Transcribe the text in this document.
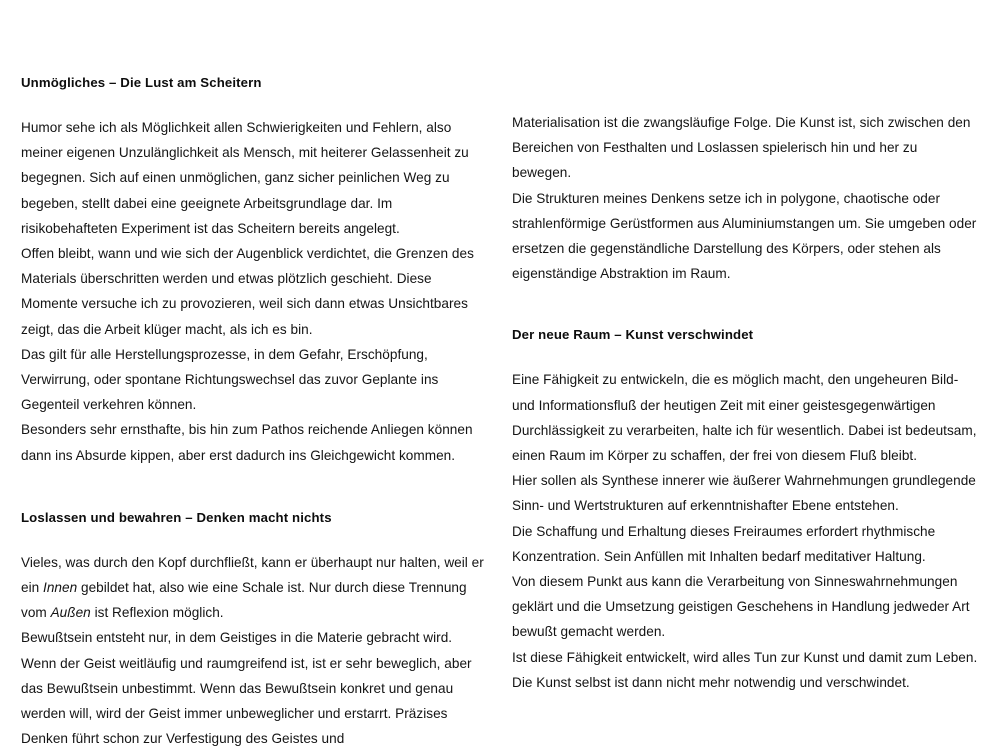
Unmögliches – Die Lust am Scheitern

Humor sehe ich als Möglichkeit allen Schwierigkeiten und Fehlern, also meiner eigenen Unzulänglichkeit als Mensch, mit heiterer Gelassenheit zu begegnen. Sich auf einen unmöglichen, ganz sicher peinlichen Weg zu begeben, stellt dabei eine geeignete Arbeitsgrundlage dar. Im risikobehafteten Experiment ist das Scheitern bereits angelegt.

Offen bleibt, wann und wie sich der Augenblick verdichtet, die Grenzen des Materials überschritten werden und etwas plötzlich geschieht. Diese Momente versuche ich zu provozieren, weil sich dann etwas Unsichtbares zeigt, das die Arbeit klüger macht, als ich es bin.

Das gilt für alle Herstellungsprozesse, in dem Gefahr, Erschöpfung, Verwirrung, oder spontane Richtungswechsel das zuvor Geplante ins Gegenteil verkehren können.

Besonders sehr ernsthafte, bis hin zum Pathos reichende Anliegen können dann ins Absurde kippen, aber erst dadurch ins Gleichgewicht kommen.

Loslassen und bewahren – Denken macht nichts

Vieles, was durch den Kopf durchfließt, kann er überhaupt nur halten, weil er ein Innen gebildet hat, also wie eine Schale ist. Nur durch diese Trennung vom Außen ist Reflexion möglich.

Bewußtsein entsteht nur, in dem Geistiges in die Materie gebracht wird. Wenn der Geist weitläufig und raumgreifend ist, ist er sehr beweglich, aber das Bewußtsein unbestimmt. Wenn das Bewußtsein konkret und genau werden will, wird der Geist immer unbeweglicher und erstarrt. Präzises Denken führt schon zur Verfestigung des Geistes und

Materialisation ist die zwangsläufige Folge. Die Kunst ist, sich zwischen den Bereichen von Festhalten und Loslassen spielerisch hin und her zu bewegen.

Die Strukturen meines Denkens setze ich in polygone, chaotische oder strahlenförmige Gerüstformen aus Aluminiumstangen um. Sie umgeben oder ersetzen die gegenständliche Darstellung des Körpers, oder stehen als eigenständige Abstraktion im Raum.

Der neue Raum – Kunst verschwindet

Eine Fähigkeit zu entwickeln, die es möglich macht, den ungeheuren Bild- und Informationsfluß der heutigen Zeit mit einer geistesgegenwärtigen Durchlässigkeit zu verarbeiten, halte ich für wesentlich. Dabei ist bedeutsam, einen Raum im Körper zu schaffen, der frei von diesem Fluß bleibt.

Hier sollen als Synthese innerer wie äußerer Wahrnehmungen grundlegende Sinn- und Wertstrukturen auf erkenntnishafter Ebene entstehen.

Die Schaffung und Erhaltung dieses Freiraumes erfordert rhythmische Konzentration. Sein Anfüllen mit Inhalten bedarf meditativer Haltung.

Von diesem Punkt aus kann die Verarbeitung von Sinneswahrnehmungen geklärt und die Umsetzung geistigen Geschehens in Handlung jedweder Art bewußt gemacht werden.

Ist diese Fähigkeit entwickelt, wird alles Tun zur Kunst und damit zum Leben. Die Kunst selbst ist dann nicht mehr notwendig und verschwindet.
